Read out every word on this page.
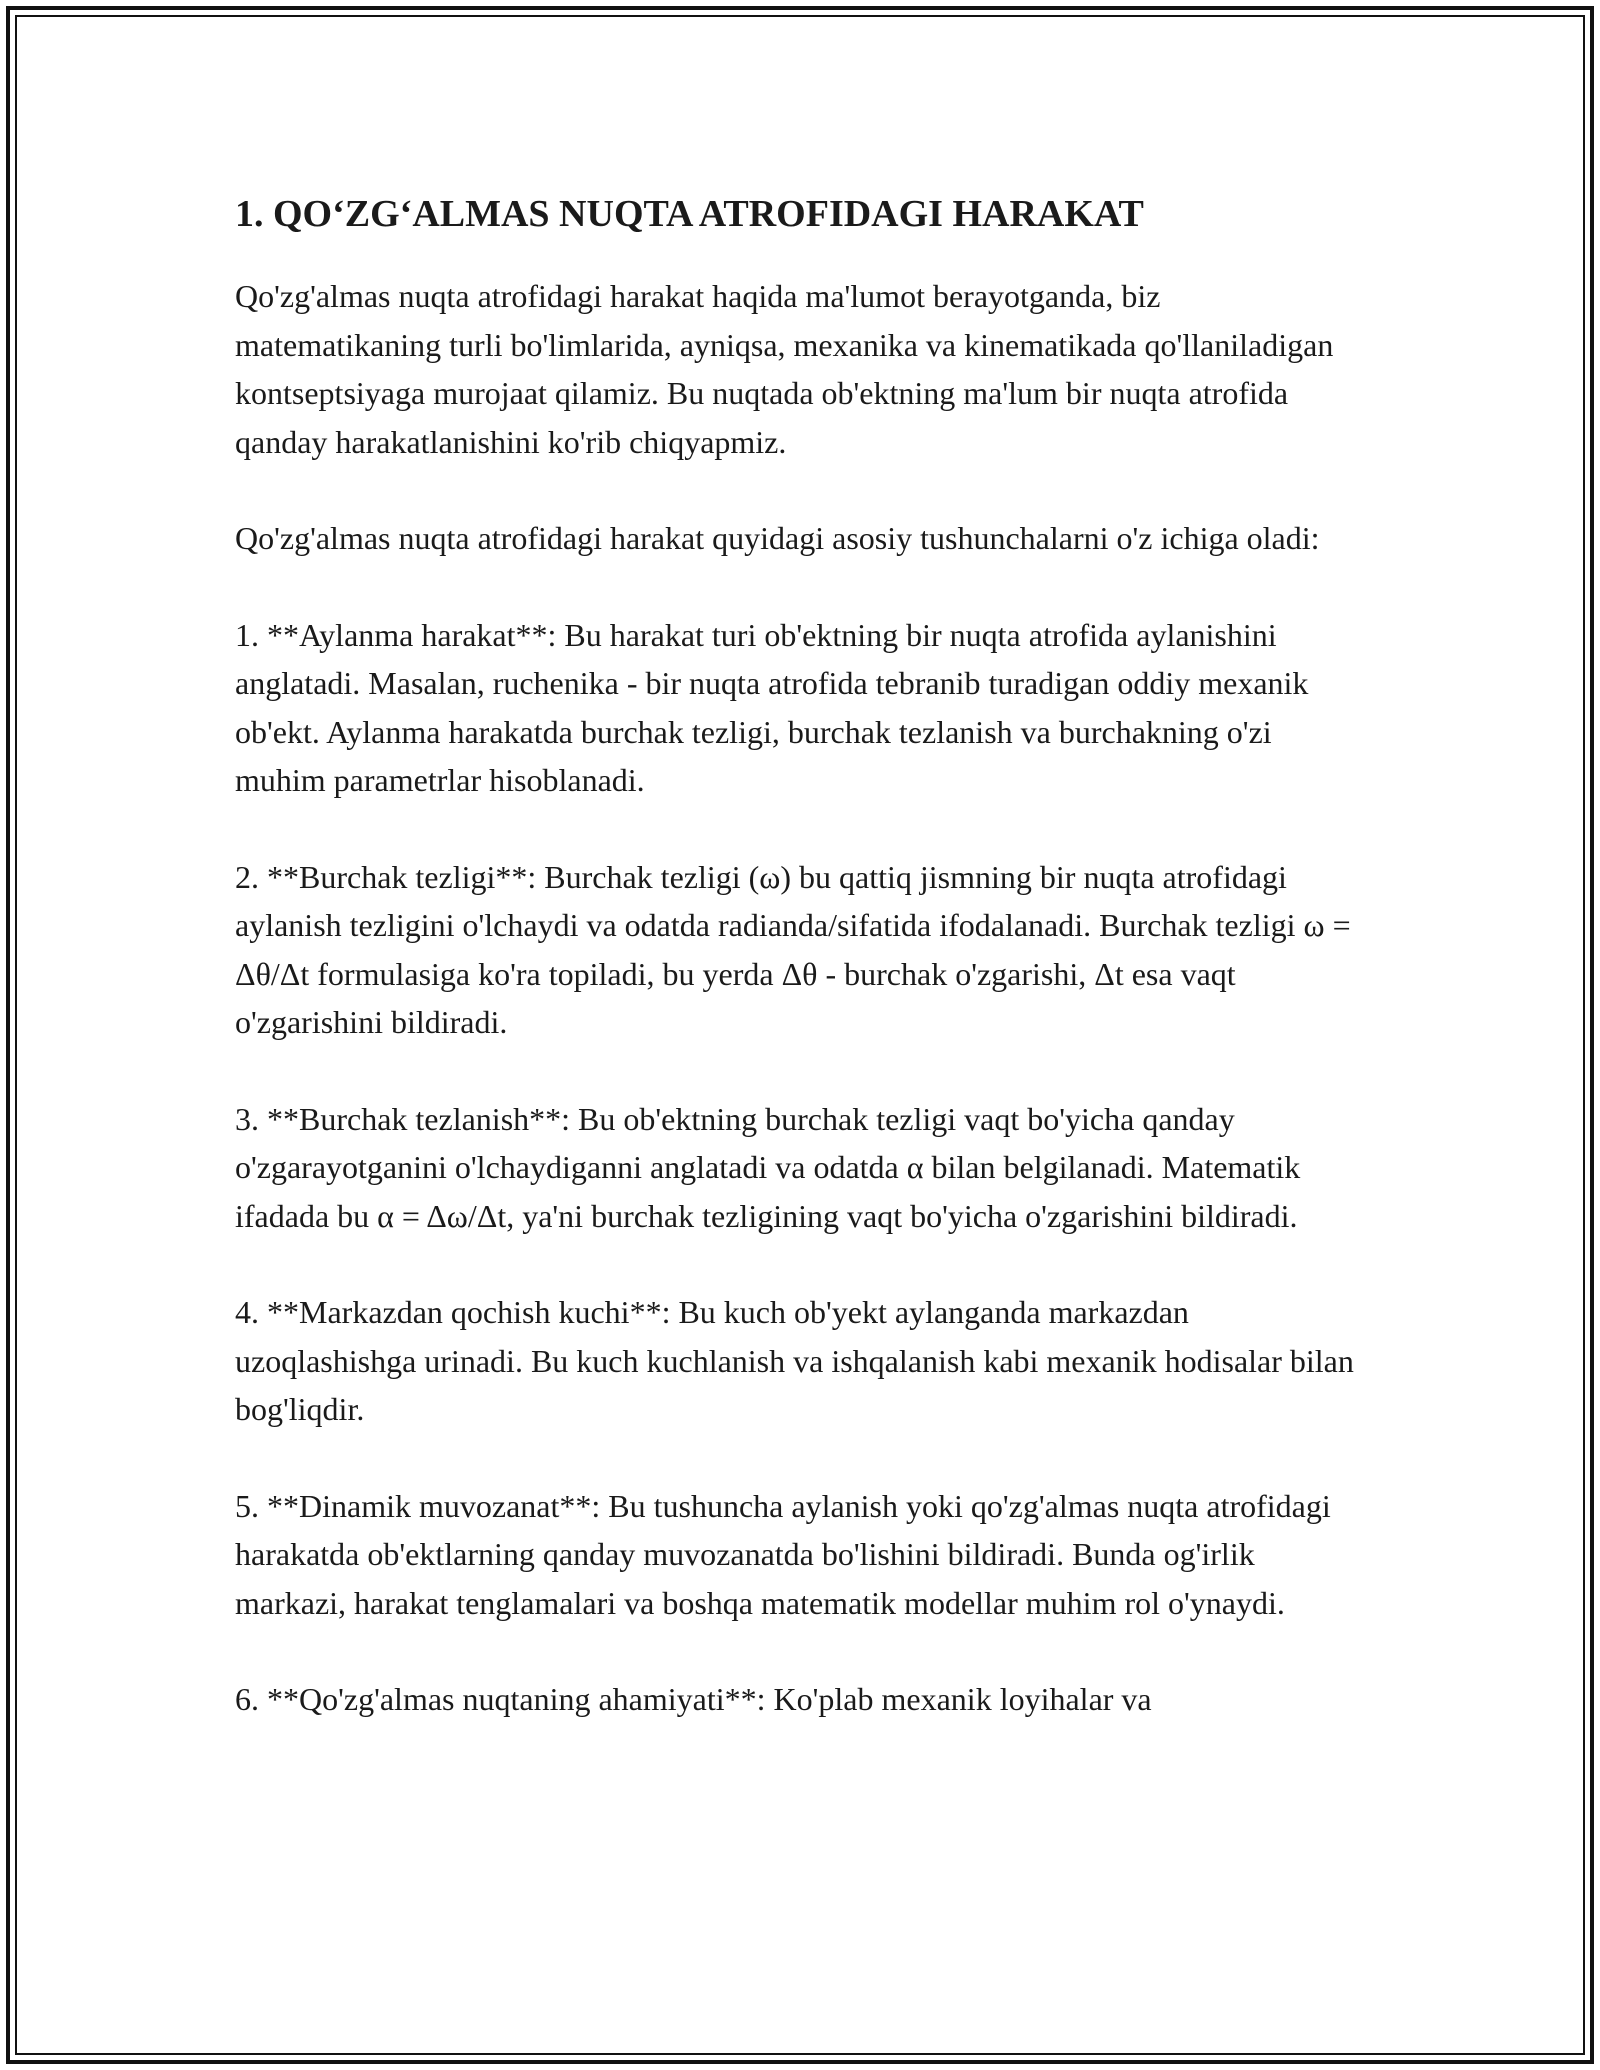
1. QO‘ZG‘ALMAS NUQTA ATROFIDAGI HARAKAT

Qo'zg'almas nuqta atrofidagi harakat haqida ma'lumot berayotganda, biz matematikaning turli bo'limlarida, ayniqsa, mexanika va kinematikada qo'llaniladigan kontseptsiyaga murojaat qilamiz. Bu nuqtada ob'ektning ma'lum bir nuqta atrofida qanday harakatlanishini ko'rib chiqyapmiz.

Qo'zg'almas nuqta atrofidagi harakat quyidagi asosiy tushunchalarni o'z ichiga oladi:

1. **Aylanma harakat**: Bu harakat turi ob'ektning bir nuqta atrofida aylanishini anglatadi. Masalan, ruchenika - bir nuqta atrofida tebranib turadigan oddiy mexanik ob'ekt. Aylanma harakatda burchak tezligi, burchak tezlanish va burchakning o'zi muhim parametrlar hisoblanadi.

2. **Burchak tezligi**: Burchak tezligi (ω) bu qattiq jismning bir nuqta atrofidagi aylanish tezligini o'lchaydi va odatda radianda/sifatida ifodalanadi. Burchak tezligi ω = Δθ/Δt formulasiga ko'ra topiladi, bu yerda Δθ - burchak o'zgarishi, Δt esa vaqt o'zgarishini bildiradi.

3. **Burchak tezlanish**: Bu ob'ektning burchak tezligi vaqt bo'yicha qanday o'zgarayotganini o'lchaydiganni anglatadi va odatda α bilan belgilanadi. Matematik ifadada bu α = Δω/Δt, ya'ni burchak tezligining vaqt bo'yicha o'zgarishini bildiradi.

4. **Markazdan qochish kuchi**: Bu kuch ob'yekt aylanganda markazdan uzoqlashishga urinadi. Bu kuch kuchlanish va ishqalanish kabi mexanik hodisalar bilan bog'liqdir.

5. **Dinamik muvozanat**: Bu tushuncha aylanish yoki qo'zg'almas nuqta atrofidagi harakatda ob'ektlarning qanday muvozanatda bo'lishini bildiradi. Bunda og'irlik markazi, harakat tenglamalari va boshqa matematik modellar muhim rol o'ynaydi.

6. **Qo'zg'almas nuqtaning ahamiyati**: Ko'plab mexanik loyihalar va
